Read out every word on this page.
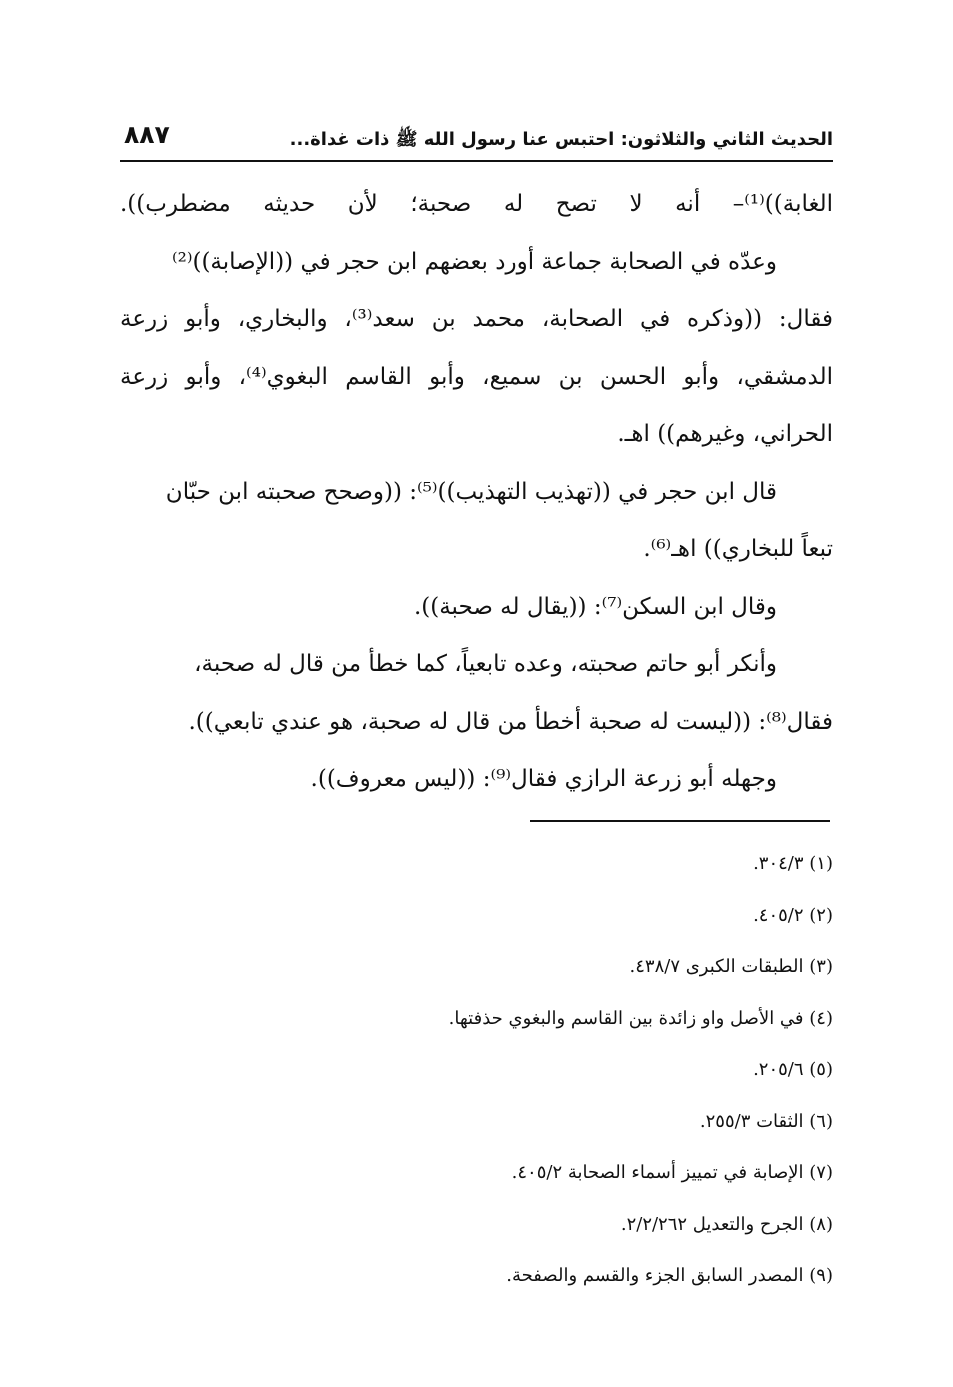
٨٨٧	الحديث الثاني والثلاثون: احتبس عنا رسول الله ﷺ ذات غداة...
الغابة))⁽¹⁾– أنه لا تصح له صحبة؛ لأن حديثه مضطرب)).
وعدّه في الصحابة جماعة أورد بعضهم ابن حجر في ((الإصابة))⁽²⁾
فقال: ((وذكره في الصحابة، محمد بن سعد⁽³⁾، والبخاري، وأبو زرعة
الدمشقي، وأبو الحسن بن سميع، وأبو القاسم البغوي⁽⁴⁾، وأبو زرعة
الحراني، وغيرهم)) اهـ.
قال ابن حجر في ((تهذيب التهذيب))⁽⁵⁾: ((وصحح صحبته ابن حبّان
تبعاً للبخاري)) اهـ⁽⁶⁾.
وقال ابن السكن⁽⁷⁾: ((يقال له صحبة)).
وأنكر أبو حاتم صحبته، وعده تابعياً، كما خطأ من قال له صحبة،
فقال⁽⁸⁾: ((ليست له صحبة أخطأ من قال له صحبة، هو عندي تابعي)).
وجهله أبو زرعة الرازي فقال⁽⁹⁾: ((ليس معروف)).
(١) ٣٠٤/٣.
(٢) ٤٠٥/٢.
(٣) الطبقات الكبرى ٤٣٨/٧.
(٤) في الأصل واو زائدة بين القاسم والبغوي حذفتها.
(٥) ٢٠٥/٦.
(٦) الثقات ٢٥٥/٣.
(٧) الإصابة في تمييز أسماء الصحابة ٤٠٥/٢.
(٨) الجرح والتعديل ٢/٢/٢٦٢.
(٩) المصدر السابق الجزء والقسم والصفحة.
